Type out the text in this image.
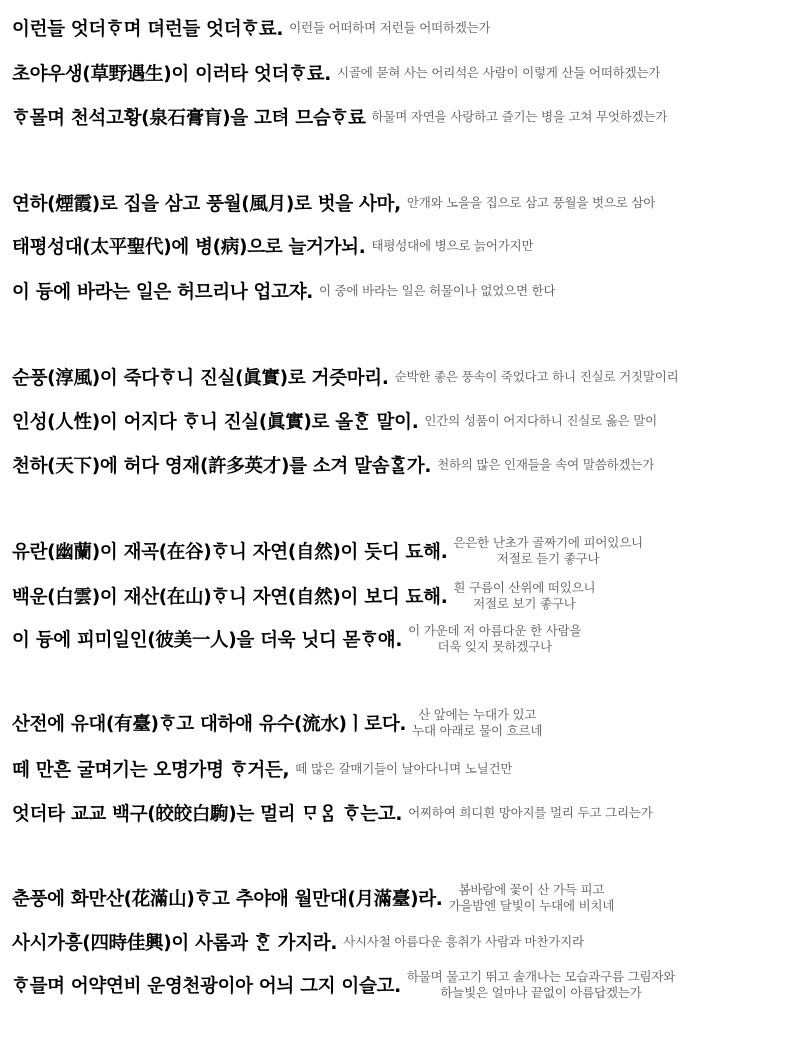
이런들 엇더ᄒᆞ며 뎌런들 엇더ᄒᆞ료. 이런들 어떠하며 저런들 어떠하겠는가
초야우생(草野遇生)이 이러타 엇더ᄒᆞ료. 시골에 묻혀 사는 어리석은 사람이 이렇게 산들 어떠하겠는가
ᄒᆞ몰며 천석고황(泉石膏肓)을 고텨 므슴ᄒᆞ료 하물며 자연을 사랑하고 즐기는 병을 고쳐 무엇하겠는가
연하(煙霞)로 집을 삼고 풍월(風月)로 벗을 사마, 안개와 노을을 집으로 삼고 풍월을 벗으로 삼아
태평성대(太平聖代)에 병(病)으로 늘거가뇌. 태평성대에 병으로 늙어가지만
이 듕에 바라는 일은 허므리나 업고쟈. 이 중에 바라는 일은 허물이나 없었으면 한다
순풍(淳風)이 죽다ᄒᆞ니 진실(眞實)로 거즛마리. 순박한 좋은 풍속이 죽었다고 하니 진실로 거짓말이리
인성(人性)이 어지다 ᄒᆞ니 진실(眞實)로 올ᄒᆞᆫ 말이. 인간의 성품이 어지다하니 진실로 옳은 말이
천하(天下)에 허다 영재(許多英才)를 소겨 말솜ᄒᆞᆯ가. 천하의 많은 인재들을 속여 말씀하겠는가
유란(幽蘭)이 재곡(在谷)ᄒᆞ니 자연(自然)이 듯디 됴해. 은은한 난초가 골짜기에 피어있으니
저절로 듣기 좋구나
백운(白雲)이 재산(在山)ᄒᆞ니 자연(自然)이 보디 됴해. 흰 구름이 산위에 떠있으니
저절로 보기 좋구나
이 듕에 피미일인(彼美一人)을 더욱 닛디 몯ᄒᆞ얘. 이 가운데 저 아름다운 한 사람을
더욱 잊지 못하겠구나
산전에 유대(有臺)ᄒᆞ고 대하애 유수(流水)ㅣ로다. 산 앞에는 누대가 있고
누대 아래로 물이 흐르네
떼 만흔 굴며기는 오명가명 ᄒᆞ거든, 떼 많은 갈매기들이 날아다니며 노닐건만
엇더타 교교 백구(皎皎白駒)는 멀리 ᄆᆞᄋᆞᆷ ᄒᆞ는고. 어찌하여 희디흰 망아지를 멀리 두고 그리는가
춘풍에 화만산(花滿山)ᄒᆞ고 추야애 월만대(月滿臺)라. 봄바람에 꽃이 산 가득 피고
가을밤엔 달빛이 누대에 비치네
사시가흥(四時佳興)이 사롬과 ᄒᆞᆫ 가지라. 사시사철 아름다운 흥취가 사람과 마찬가지라
ᄒᆞ믈며 어약연비 운영천광이아 어늬 그지 이슬고. 하물며 물고기 뛰고 솔개나는 모습과구름 그림자와
하늘빛은 얼마나 끝없이 아름답겠는가
